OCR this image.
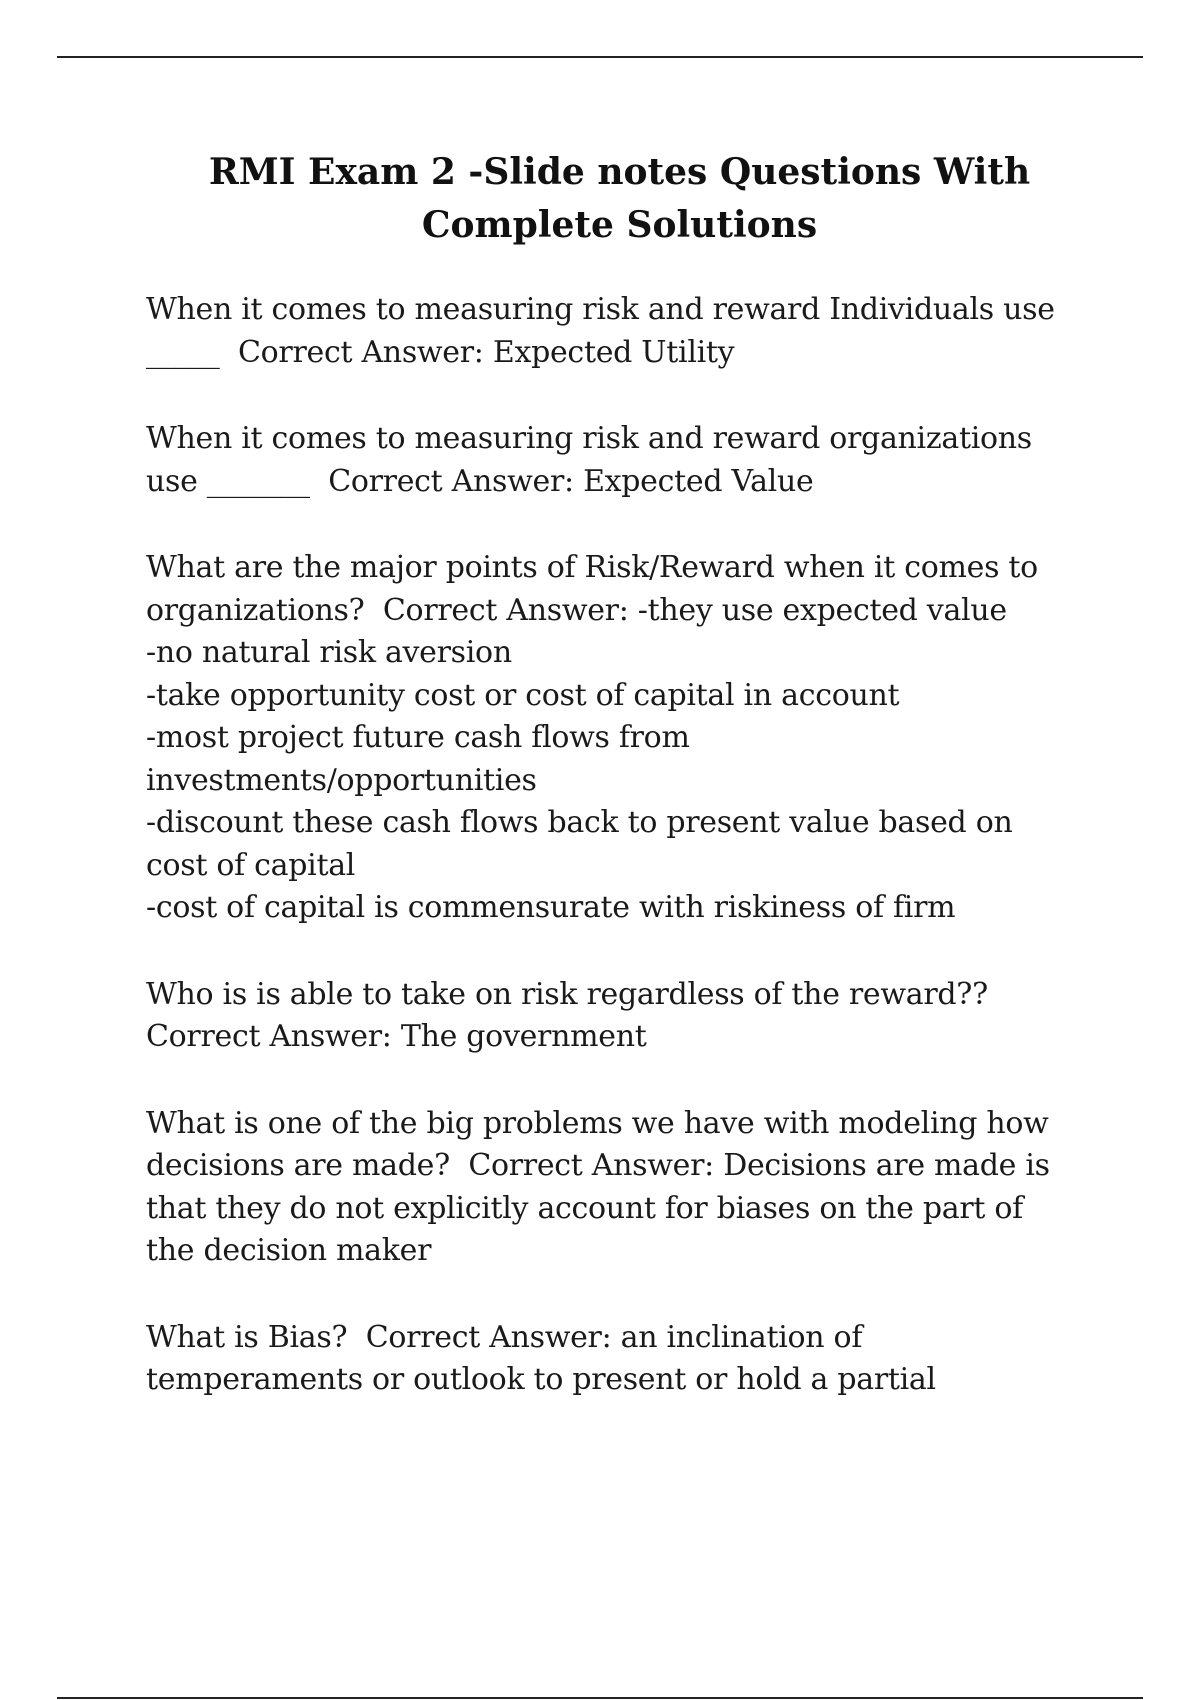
RMI Exam 2 -Slide notes Questions With
Complete Solutions

When it comes to measuring risk and reward Individuals use
_____ Correct Answer: Expected Utility

When it comes to measuring risk and reward organizations
use _______ Correct Answer: Expected Value

What are the major points of Risk/Reward when it comes to
organizations? Correct Answer: -they use expected value
-no natural risk aversion
-take opportunity cost or cost of capital in account
-most project future cash flows from
investments/opportunities
-discount these cash flows back to present value based on
cost of capital
-cost of capital is commensurate with riskiness of firm

Who is is able to take on risk regardless of the reward??
Correct Answer: The government

What is one of the big problems we have with modeling how
decisions are made? Correct Answer: Decisions are made is
that they do not explicitly account for biases on the part of
the decision maker

What is Bias? Correct Answer: an inclination of
temperaments or outlook to present or hold a partial
